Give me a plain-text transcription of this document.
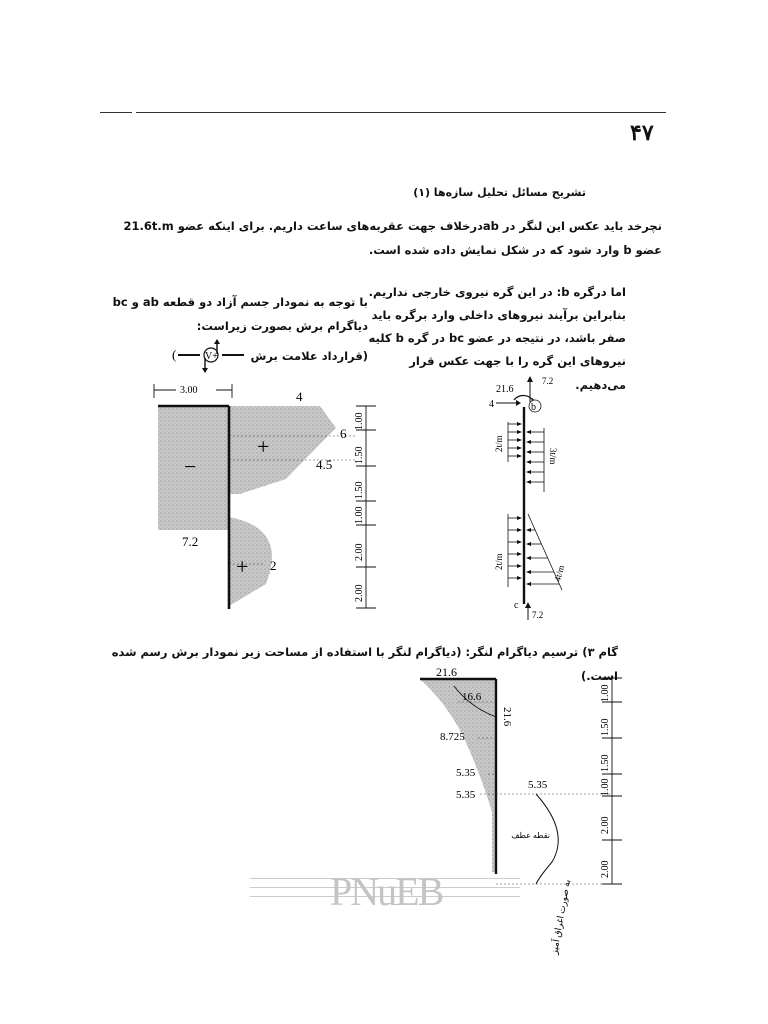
۴۷
تشریح مسائل تحلیل سازه‌ها (۱)
21.6t.m درخلاف جهت عقربه‌های ساعت داریم. برای اینکه عضوab نچرخد باید عکس این لنگر در
عضو b وارد شود که در شکل نمایش داده شده است.
اما درگره b: در این گره نیروی خارجی نداریم.
بنابراین برآیند نیروهای داخلی وارد برگره باید
صفر باشد، در نتیجه در عضو bc در گره b کلیه
نیروهای این گره را با جهت عکس قرار می‌دهیم.
با توجه به نمودار جسم آزاد دو قطعه ab و bc
دیاگرام برش بصورت زیراست:
(قرارداد علامت برش
V+
(
3.00	4
6
4.5
7.2
2
−
+
+
1.00
1.50
1.50
1.00
2.00
2.00
21.6
7.2
4	b
2t/m
3t/m
2t/m
4t/m
c
7.2
گام ۳) ترسیم دیاگرام لنگر: (دیاگرام لنگر با استفاده از مساحت زیر نمودار برش رسم شده است.)
21.6
16.6
21.6
8.725
5.35
5.35
5.35
نقطه عطف
به صورت اغراق آمیز
1.00
1.50
1.50
1.00
2.00
2.00
PNuEB
